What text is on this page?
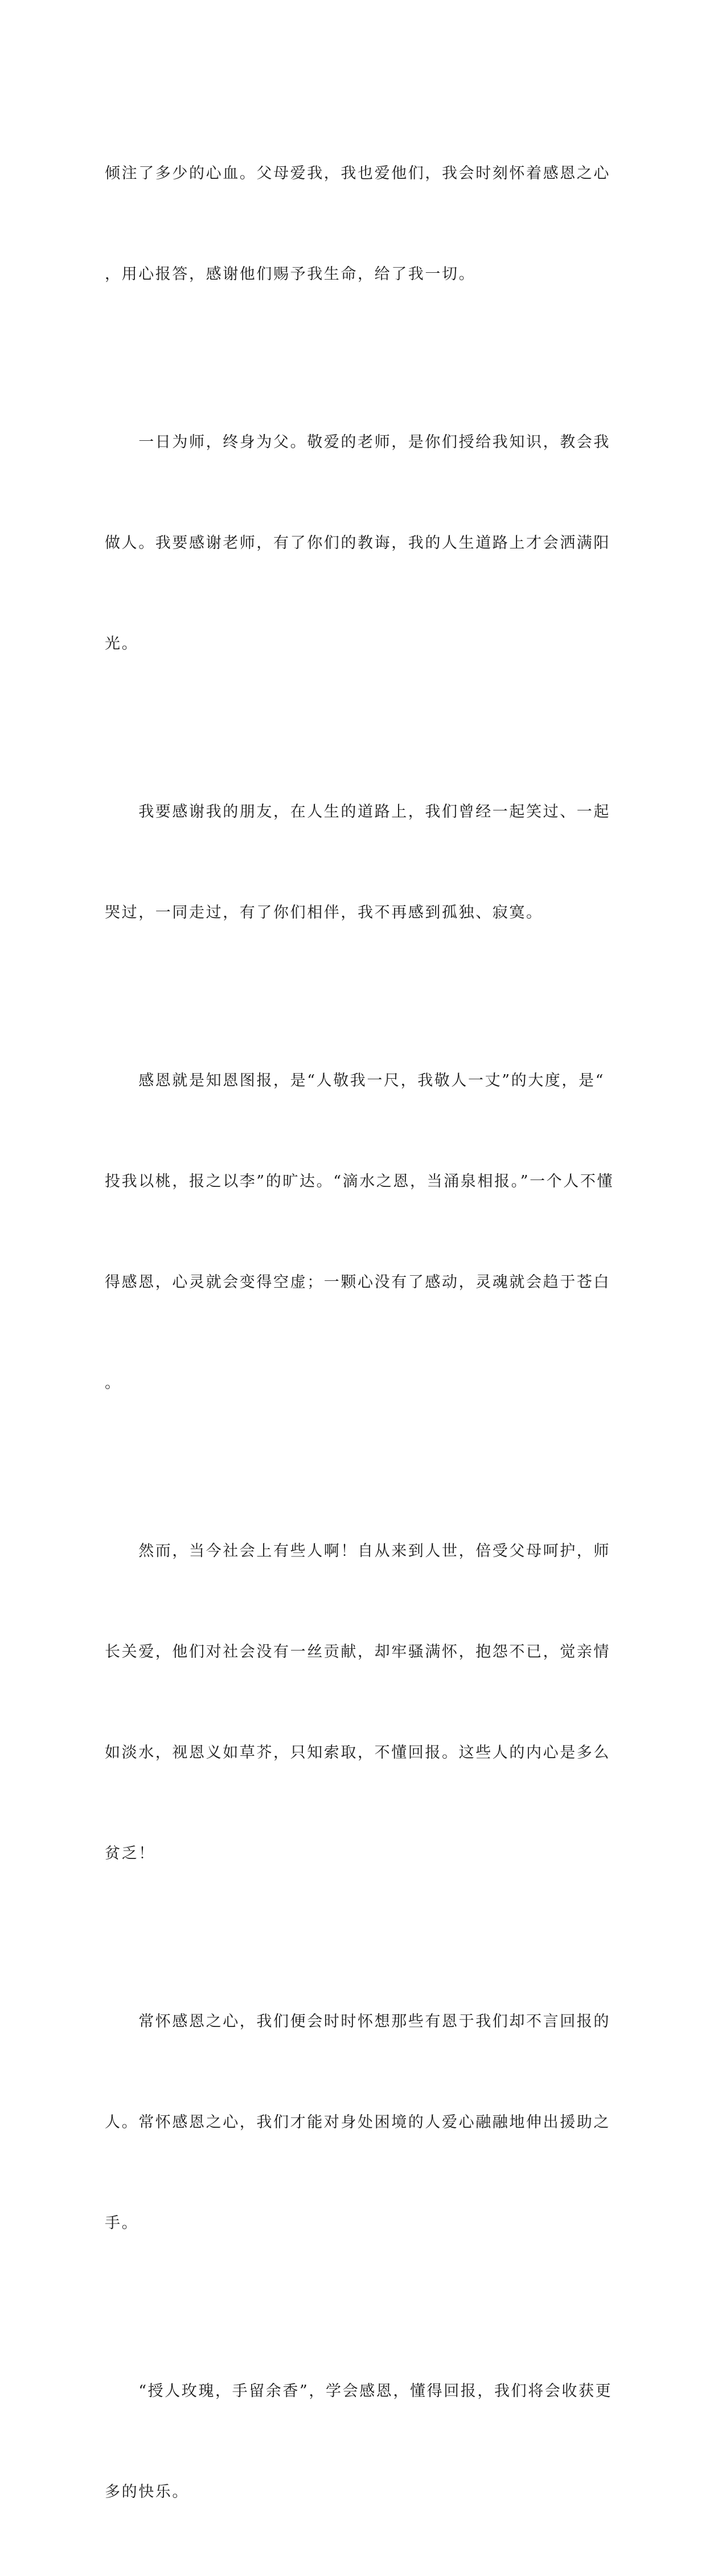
倾注了多少的心血。父母爱我，我也爱他们，我会时刻怀着感恩之心

，用心报答，感谢他们赐予我生命，给了我一切。

　　一日为师，终身为父。敬爱的老师，是你们授给我知识，教会我

做人。我要感谢老师，有了你们的教诲，我的人生道路上才会洒满阳

光。

　　我要感谢我的朋友，在人生的道路上，我们曾经一起笑过、一起

哭过，一同走过，有了你们相伴，我不再感到孤独、寂寞。

　　感恩就是知恩图报，是“人敬我一尺，我敬人一丈”的大度，是“

投我以桃，报之以李”的旷达。“滴水之恩，当涌泉相报。”一个人不懂

得感恩，心灵就会变得空虚；一颗心没有了感动，灵魂就会趋于苍白

。

　　然而，当今社会上有些人啊！自从来到人世，倍受父母呵护，师

长关爱，他们对社会没有一丝贡献，却牢骚满怀，抱怨不已，觉亲情

如淡水，视恩义如草芥，只知索取，不懂回报。这些人的内心是多么

贫乏！

　　常怀感恩之心，我们便会时时怀想那些有恩于我们却不言回报的

人。常怀感恩之心，我们才能对身处困境的人爱心融融地伸出援助之

手。

　　“授人玫瑰，手留余香”，学会感恩，懂得回报，我们将会收获更

多的快乐。
